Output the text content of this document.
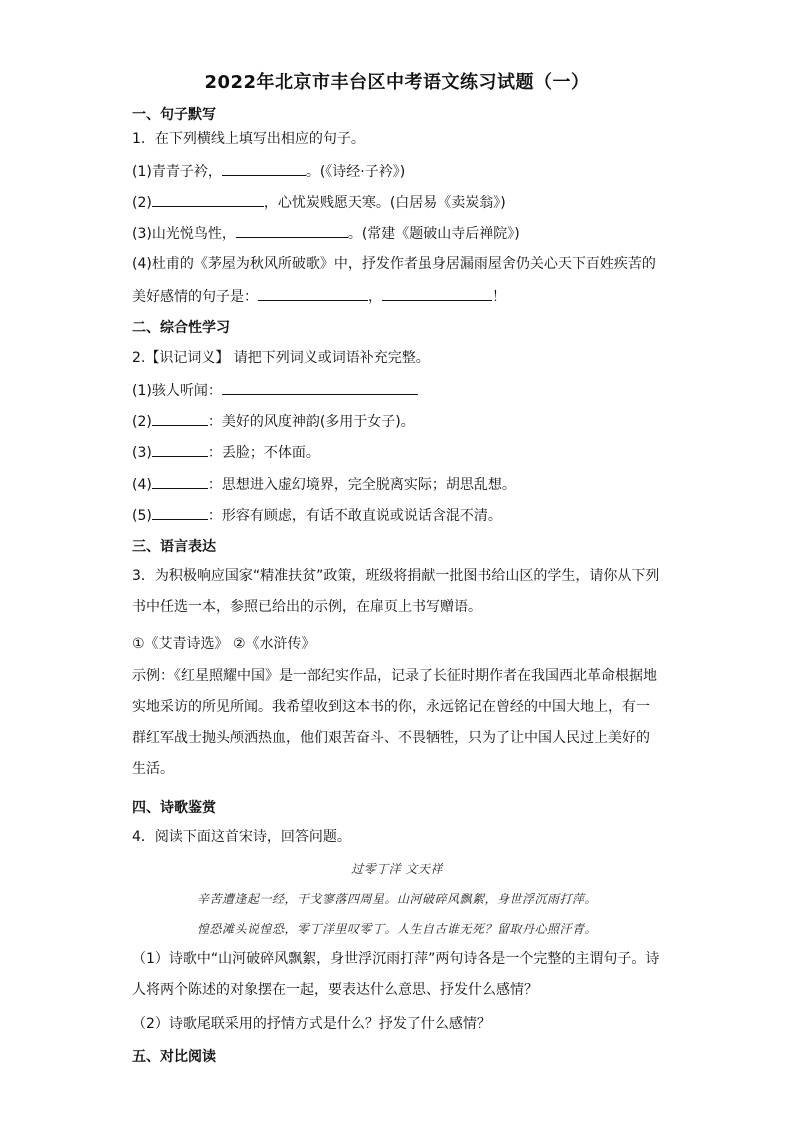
2022年北京市丰台区中考语文练习试题（一）
一、句子默写
1．在下列横线上填写出相应的句子。
(1)青青子衿，	。(《诗经·子衿》)
(2)	，心忧炭贱愿天寒。(白居易《卖炭翁》)
(3)山光悦鸟性，	。(常建《题破山寺后禅院》)
(4)杜甫的《茅屋为秋风所破歌》中，抒发作者虽身居漏雨屋舍仍关心天下百姓疾苦的
美好感情的句子是：	，	！
二、综合性学习
2.【识记词义】 请把下列词义或词语补充完整。
(1)骇人听闻：
(2)	：美好的风度神韵(多用于女子)。
(3)	：丢脸；不体面。
(4)	：思想进入虚幻境界，完全脱离实际；胡思乱想。
(5)	：形容有顾虑，有话不敢直说或说话含混不清。
三、语言表达
3．为积极响应国家“精准扶贫”政策，班级将捐献一批图书给山区的学生，请你从下列书中任选一本，参照已给出的示例，在扉页上书写赠语。
①《艾青诗选》 ②《水浒传》
示例：《红星照耀中国》是一部纪实作品，记录了长征时期作者在我国西北革命根据地实地采访的所见所闻。我希望收到这本书的你，永远铭记在曾经的中国大地上，有一群红军战士抛头颅洒热血，他们艰苦奋斗、不畏牺牲，只为了让中国人民过上美好的生活。
四、诗歌鉴赏
4．阅读下面这首宋诗，回答问题。
过零丁洋 文天祥
辛苦遭逢起一经，干戈寥落四周星。山河破碎风飘絮，身世浮沉雨打萍。
惶恐滩头说惶恐，零丁洋里叹零丁。人生自古谁无死？留取丹心照汗青。
（1）诗歌中“山河破碎风飘絮，身世浮沉雨打萍”两句诗各是一个完整的主谓句子。诗人将两个陈述的对象摆在一起，要表达什么意思、抒发什么感情？
（2）诗歌尾联采用的抒情方式是什么？抒发了什么感情？
五、对比阅读
